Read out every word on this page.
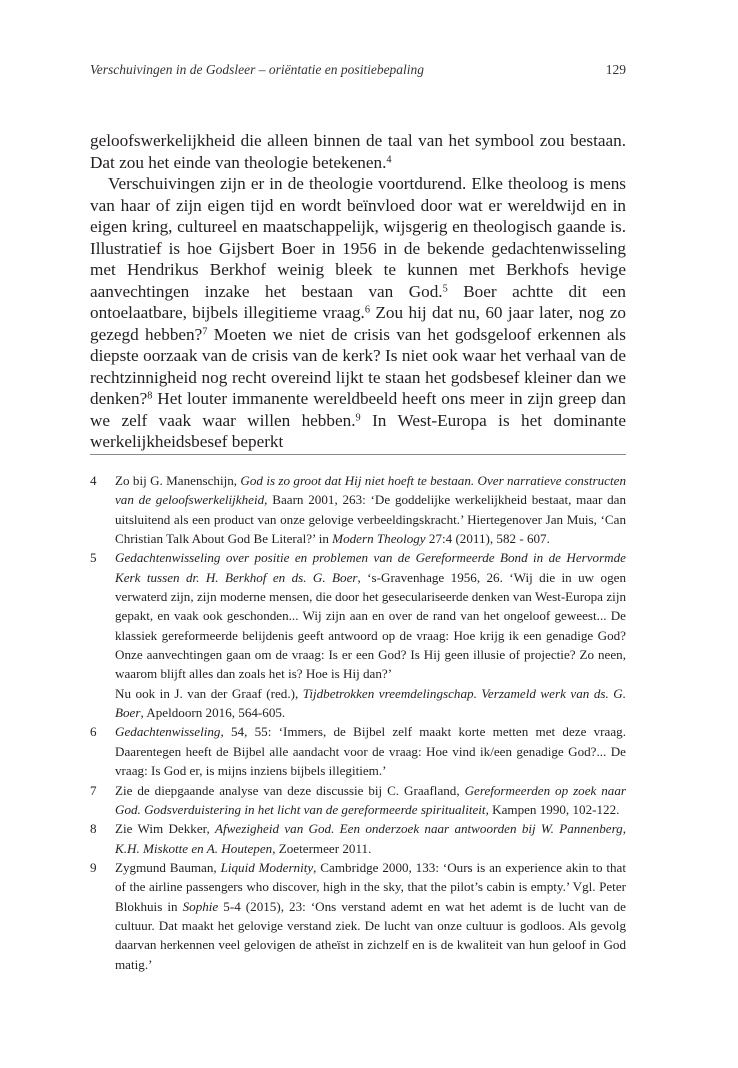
Verschuivingen in de Godsleer – oriëntatie en positiebepaling	129

geloofswerkelijkheid die alleen binnen de taal van het symbool zou bestaan. Dat zou het einde van theologie betekenen.$^4$

Verschuivingen zijn er in de theologie voortdurend. Elke theoloog is mens van haar of zijn eigen tijd en wordt beïnvloed door wat er wereldwijd en in eigen kring, cultureel en maatschappelijk, wijsgerig en theologisch gaande is. Illustratief is hoe Gijsbert Boer in 1956 in de bekende gedachtenwisseling met Hendrikus Berkhof weinig bleek te kunnen met Berkhofs hevige aanvechtingen inzake het bestaan van God.$^5$ Boer achtte dit een ontoelaatbare, bijbels illegitieme vraag.$^6$ Zou hij dat nu, 60 jaar later, nog zo gezegd hebben?$^7$ Moeten we niet de crisis van het godsgeloof erkennen als diepste oorzaak van de crisis van de kerk? Is niet ook waar het verhaal van de rechtzinnigheid nog recht overeind lijkt te staan het godsbesef kleiner dan we denken?$^8$ Het louter immanente wereldbeeld heeft ons meer in zijn greep dan we zelf vaak waar willen hebben.$^9$ In West-Europa is het dominante werkelijkheidsbesef beperkt

4	Zo bij G. Manenschijn, God is zo groot dat Hij niet hoeft te bestaan. Over narratieve constructen van de geloofswerkelijkheid, Baarn 2001, 263: ‘De goddelijke werkelijkheid bestaat, maar dan uitsluitend als een product van onze gelovige verbeeldingskracht.’ Hiertegenover Jan Muis, ‘Can Christian Talk About God Be Literal?’ in Modern Theology 27:4 (2011), 582 - 607.
5	Gedachtenwisseling over positie en problemen van de Gereformeerde Bond in de Hervormde Kerk tussen dr. H. Berkhof en ds. G. Boer, ‘s-Gravenhage 1956, 26. ‘Wij die in uw ogen verwaterd zijn, zijn moderne mensen, die door het geseculariseerde denken van West-Europa zijn gepakt, en vaak ook geschonden... Wij zijn aan en over de rand van het ongeloof geweest... De klassiek gereformeerde belijdenis geeft antwoord op de vraag: Hoe krijg ik een genadige God? Onze aanvechtingen gaan om de vraag: Is er een God? Is Hij geen illusie of projectie? Zo neen, waarom blijft alles dan zoals het is? Hoe is Hij dan?’

Nu ook in J. van der Graaf (red.), Tijdbetrokken vreemdelingschap. Verzameld werk van ds. G. Boer, Apeldoorn 2016, 564-605.

6	Gedachtenwisseling, 54, 55: ‘Immers, de Bijbel zelf maakt korte metten met deze vraag. Daarentegen heeft de Bijbel alle aandacht voor de vraag: Hoe vind ik/een genadige God?... De vraag: Is God er, is mijns inziens bijbels illegitiem.’
7	Zie de diepgaande analyse van deze discussie bij C. Graafland, Gereformeerden op zoek naar God. Godsverduistering in het licht van de gereformeerde spiritualiteit, Kampen 1990, 102-122.
8	Zie Wim Dekker, Afwezigheid van God. Een onderzoek naar antwoorden bij W. Pannenberg, K.H. Miskotte en A. Houtepen, Zoetermeer 2011.
9	Zygmund Bauman, Liquid Modernity, Cambridge 2000, 133: ‘Ours is an experience akin to that of the airline passengers who discover, high in the sky, that the pilot’s cabin is empty.’ Vgl. Peter Blokhuis in Sophie 5-4 (2015), 23: ‘Ons verstand ademt en wat het ademt is de lucht van de cultuur. Dat maakt het gelovige verstand ziek. De lucht van onze cultuur is godloos. Als gevolg daarvan herkennen veel gelovigen de atheïst in zichzelf en is de kwaliteit van hun geloof in God matig.’
